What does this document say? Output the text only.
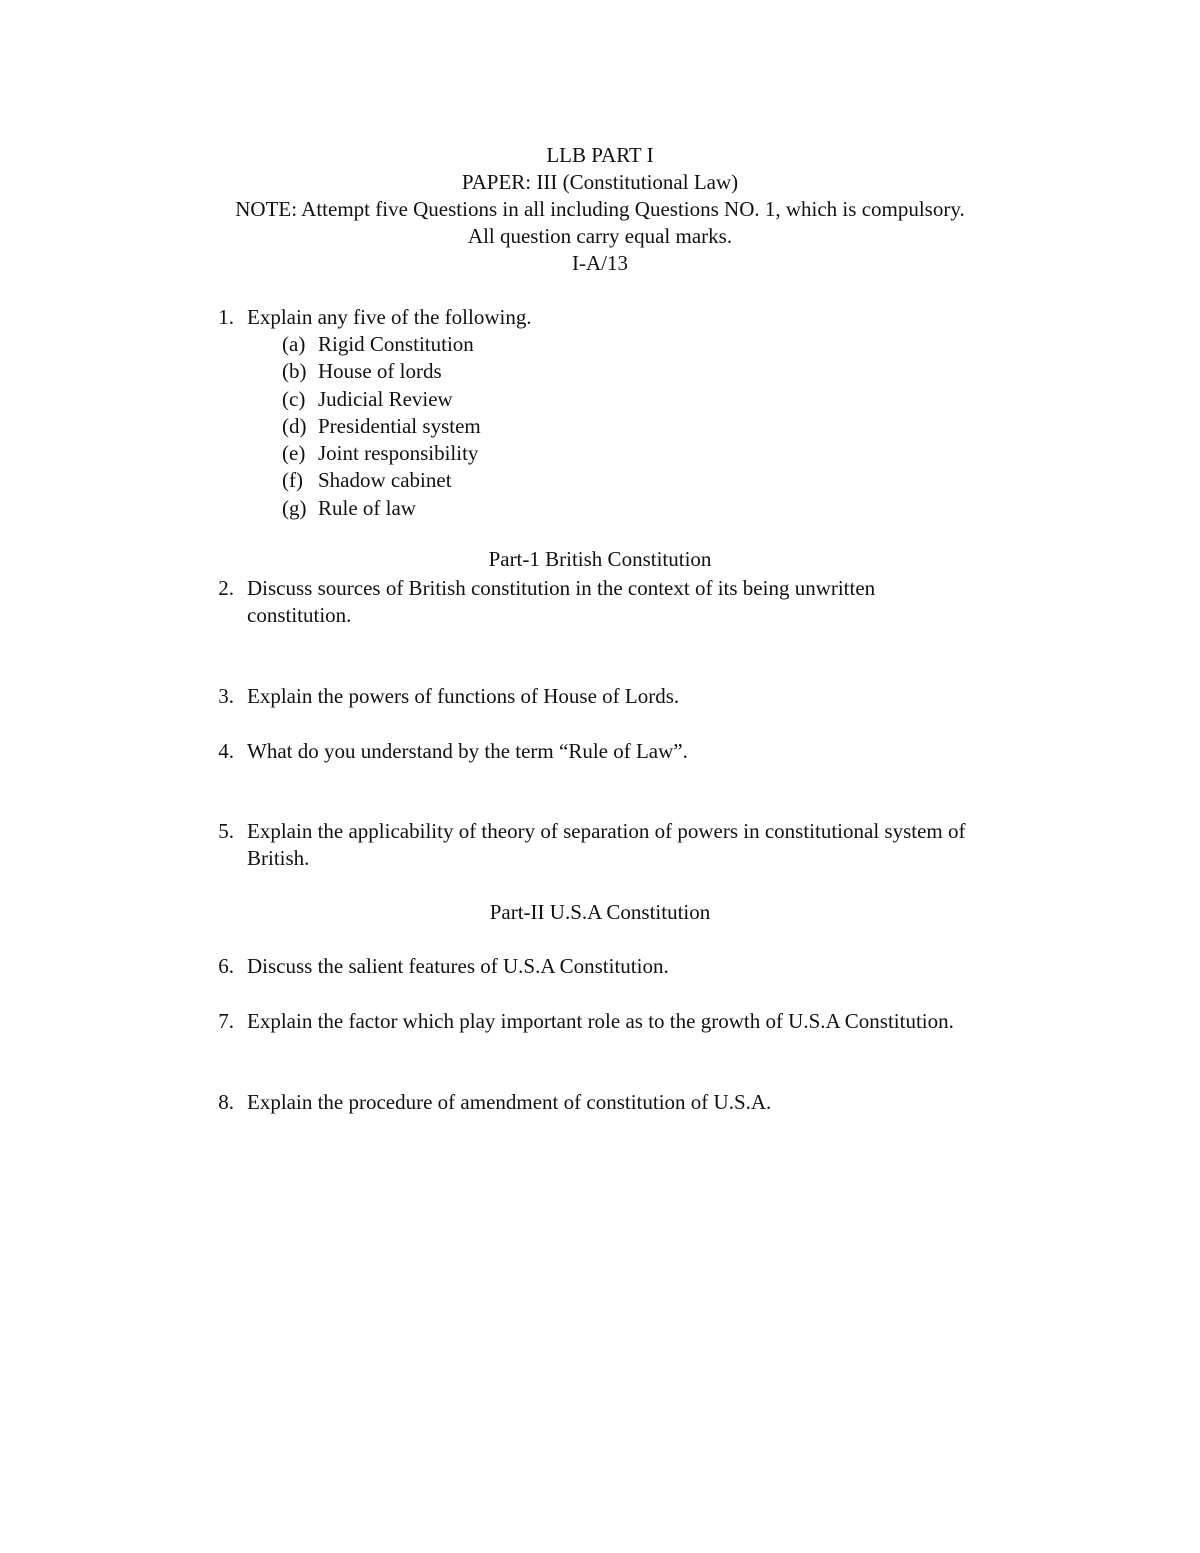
LLB PART I
PAPER: III (Constitutional Law)
NOTE: Attempt five Questions in all including Questions NO. 1, which is compulsory.
All question carry equal marks.
I-A/13
1. Explain any five of the following.
(a) Rigid Constitution
(b) House of lords
(c) Judicial Review
(d) Presidential system
(e) Joint responsibility
(f) Shadow cabinet
(g) Rule of law
Part-1 British Constitution
2. Discuss sources of British constitution in the context of its being unwritten constitution.
3. Explain the powers of functions of House of Lords.
4. What do you understand by the term “Rule of Law”.
5. Explain the applicability of theory of separation of powers in constitutional system of British.
Part-II U.S.A Constitution
6. Discuss the salient features of U.S.A Constitution.
7. Explain the factor which play important role as to the growth of U.S.A Constitution.
8. Explain the procedure of amendment of constitution of U.S.A.
